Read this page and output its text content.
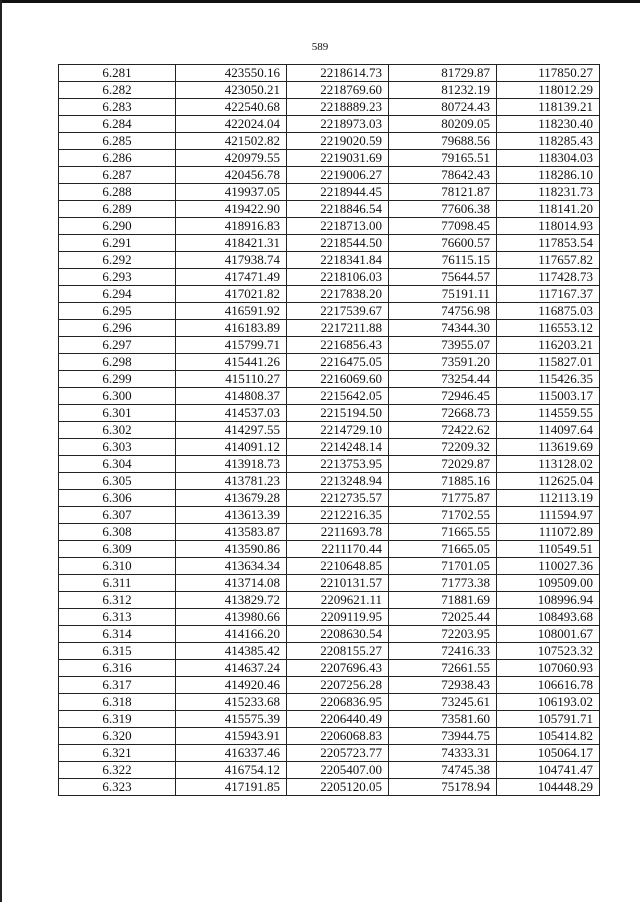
589
6.281	423550.16	2218614.73	81729.87	117850.27
6.282	423050.21	2218769.60	81232.19	118012.29
6.283	422540.68	2218889.23	80724.43	118139.21
6.284	422024.04	2218973.03	80209.05	118230.40
6.285	421502.82	2219020.59	79688.56	118285.43
6.286	420979.55	2219031.69	79165.51	118304.03
6.287	420456.78	2219006.27	78642.43	118286.10
6.288	419937.05	2218944.45	78121.87	118231.73
6.289	419422.90	2218846.54	77606.38	118141.20
6.290	418916.83	2218713.00	77098.45	118014.93
6.291	418421.31	2218544.50	76600.57	117853.54
6.292	417938.74	2218341.84	76115.15	117657.82
6.293	417471.49	2218106.03	75644.57	117428.73
6.294	417021.82	2217838.20	75191.11	117167.37
6.295	416591.92	2217539.67	74756.98	116875.03
6.296	416183.89	2217211.88	74344.30	116553.12
6.297	415799.71	2216856.43	73955.07	116203.21
6.298	415441.26	2216475.05	73591.20	115827.01
6.299	415110.27	2216069.60	73254.44	115426.35
6.300	414808.37	2215642.05	72946.45	115003.17
6.301	414537.03	2215194.50	72668.73	114559.55
6.302	414297.55	2214729.10	72422.62	114097.64
6.303	414091.12	2214248.14	72209.32	113619.69
6.304	413918.73	2213753.95	72029.87	113128.02
6.305	413781.23	2213248.94	71885.16	112625.04
6.306	413679.28	2212735.57	71775.87	112113.19
6.307	413613.39	2212216.35	71702.55	111594.97
6.308	413583.87	2211693.78	71665.55	111072.89
6.309	413590.86	2211170.44	71665.05	110549.51
6.310	413634.34	2210648.85	71701.05	110027.36
6.311	413714.08	2210131.57	71773.38	109509.00
6.312	413829.72	2209621.11	71881.69	108996.94
6.313	413980.66	2209119.95	72025.44	108493.68
6.314	414166.20	2208630.54	72203.95	108001.67
6.315	414385.42	2208155.27	72416.33	107523.32
6.316	414637.24	2207696.43	72661.55	107060.93
6.317	414920.46	2207256.28	72938.43	106616.78
6.318	415233.68	2206836.95	73245.61	106193.02
6.319	415575.39	2206440.49	73581.60	105791.71
6.320	415943.91	2206068.83	73944.75	105414.82
6.321	416337.46	2205723.77	74333.31	105064.17
6.322	416754.12	2205407.00	74745.38	104741.47
6.323	417191.85	2205120.05	75178.94	104448.29
